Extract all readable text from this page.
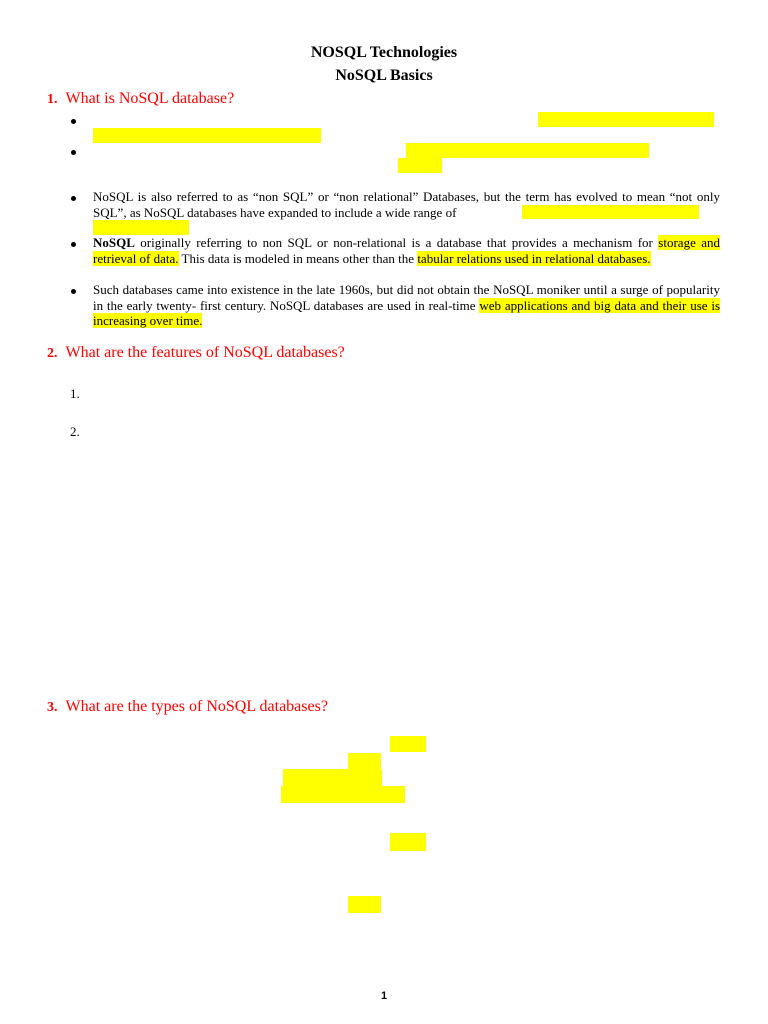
NOSQL Technologies
NoSQL Basics
1. What is NoSQL database?
NoSQL is also referred to as “non SQL” or “non relational” Databases, but the term has evolved to mean “not only SQL”, as NoSQL databases have expanded to include a wide range of
NoSQL originally referring to non SQL or non-relational is a database that provides a mechanism for storage and retrieval of data. This data is modeled in means other than the tabular relations used in relational databases.
Such databases came into existence in the late 1960s, but did not obtain the NoSQL moniker until a surge of popularity in the early twenty- first century. NoSQL databases are used in real-time web applications and big data and their use is increasing over time.
2. What are the features of NoSQL databases?
1.
2.
3. What are the types of NoSQL databases?
1
